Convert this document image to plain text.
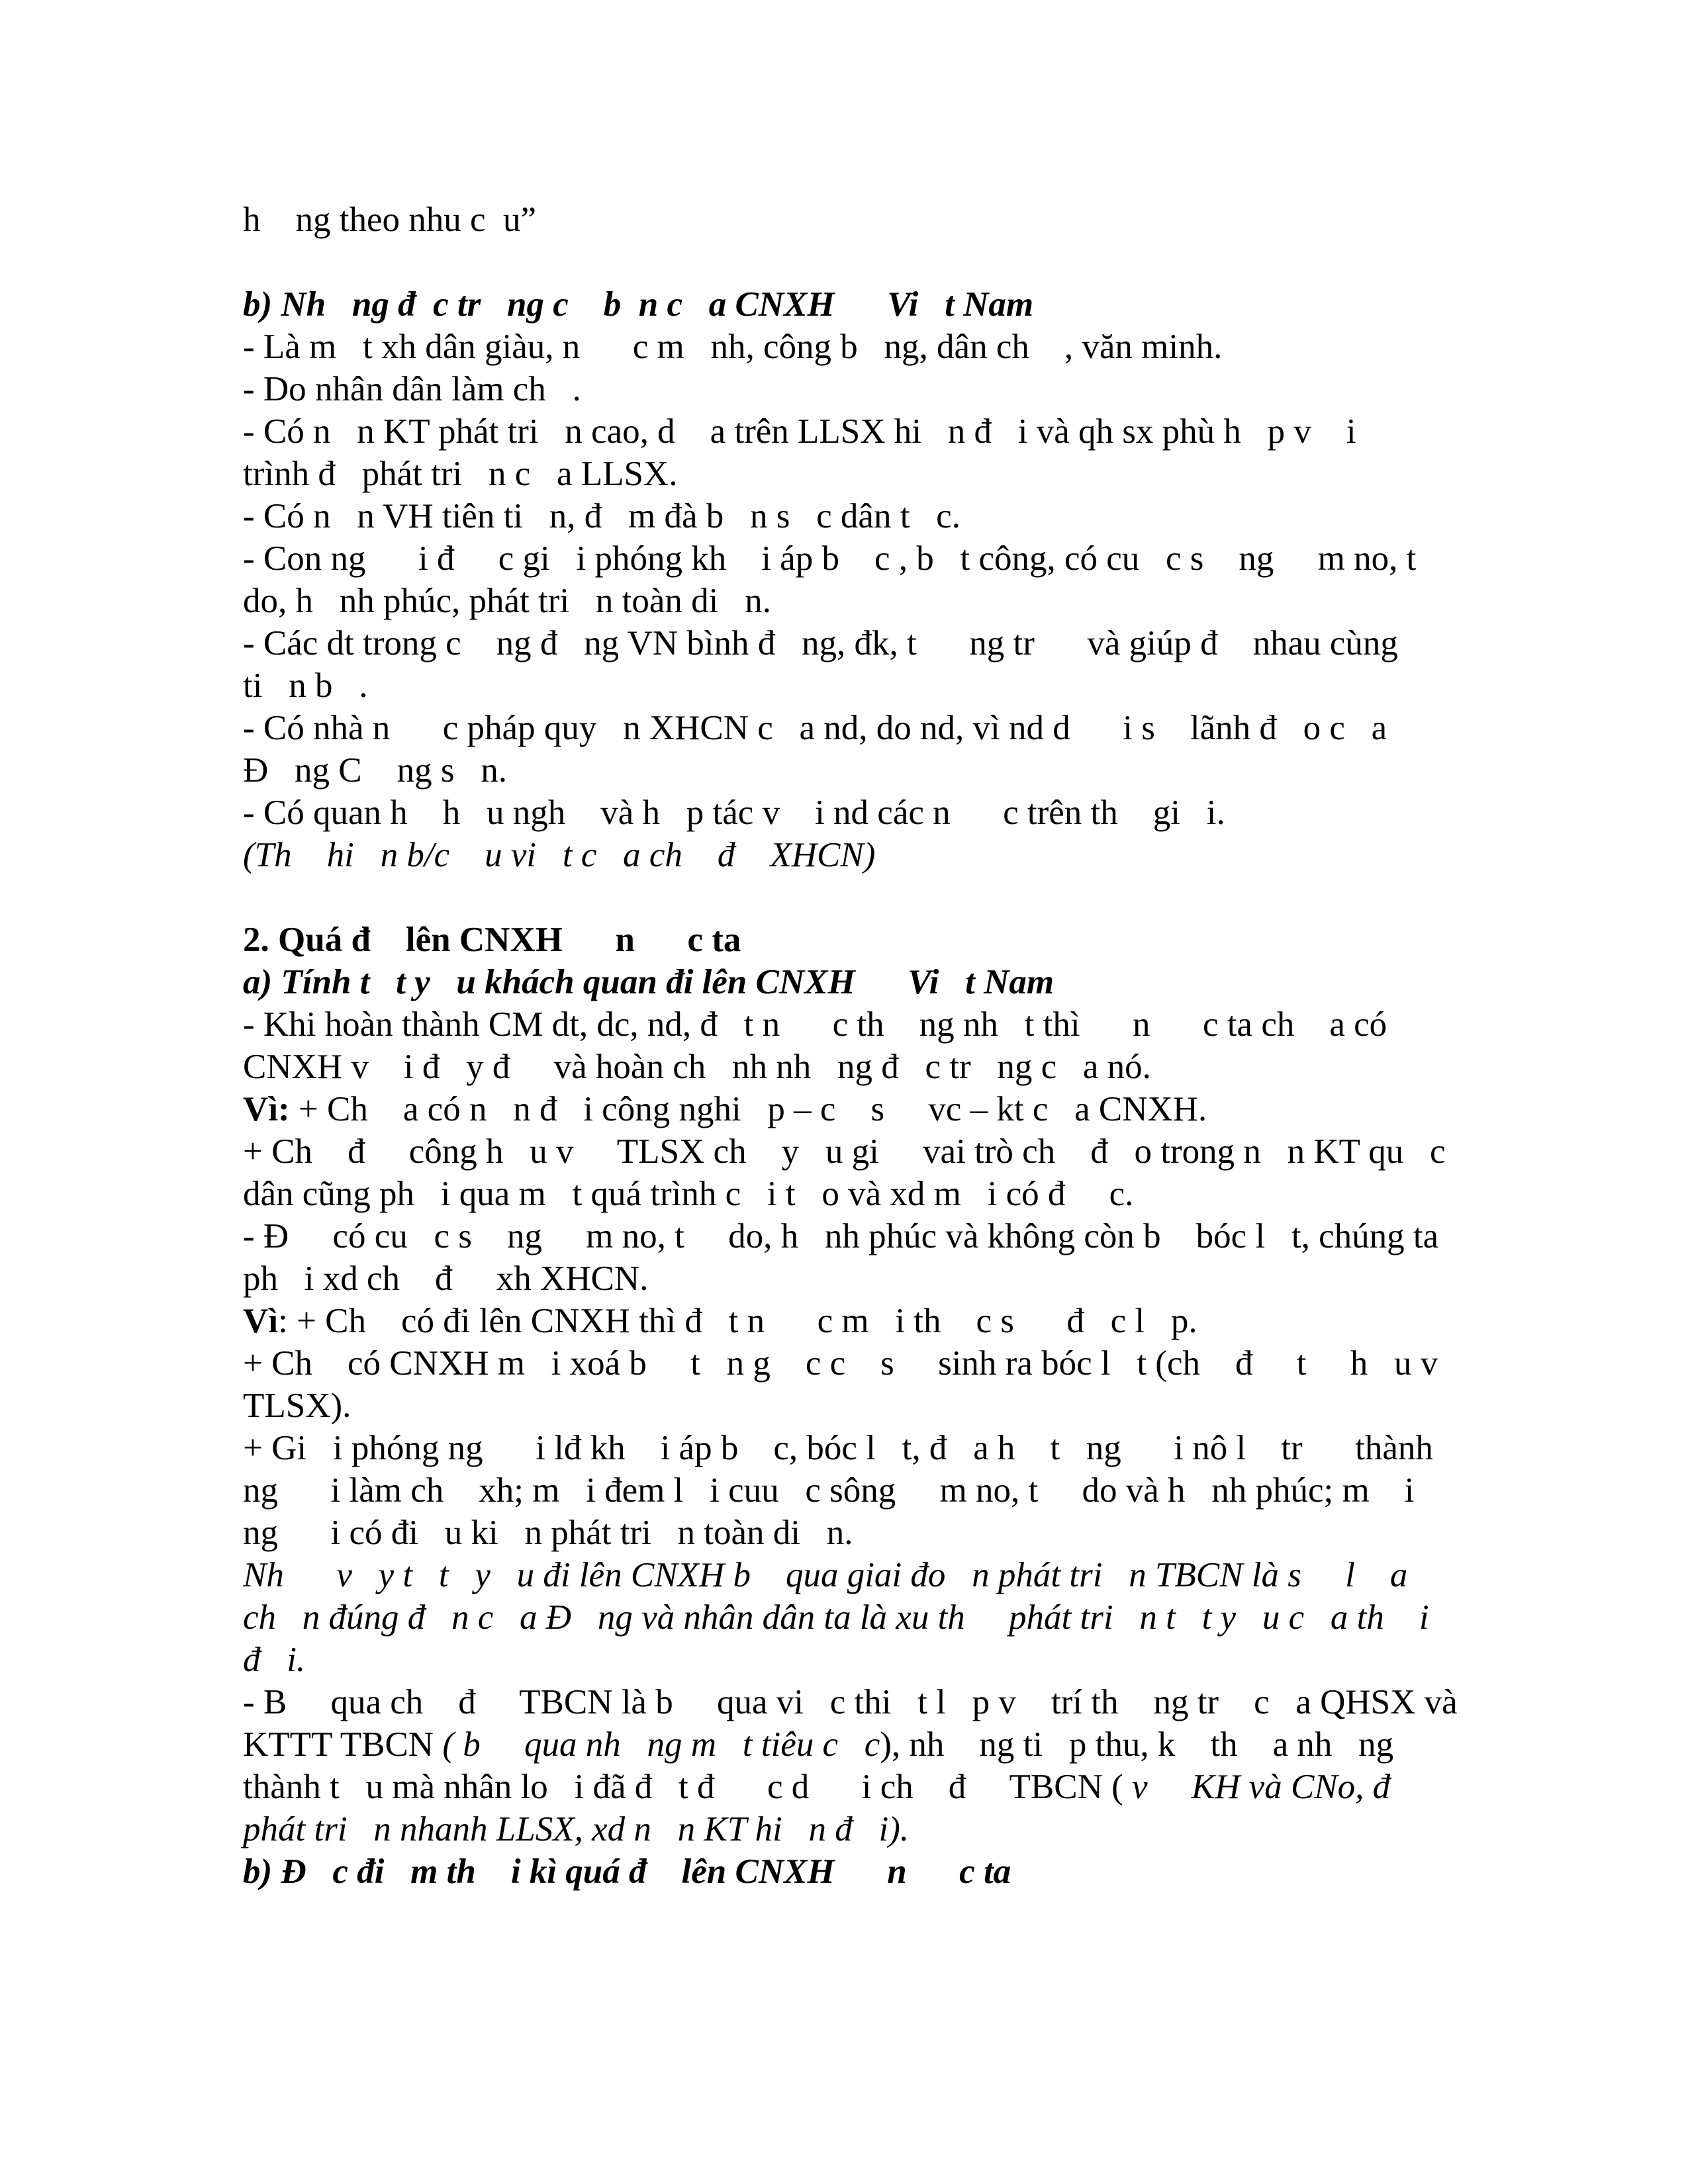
h    ng theo nhu c  u”
b) Nh   ng đ  c tr   ng c    b  n c   a CNXH      Vi   t Nam
- Là m   t xh dân giàu, n      c m   nh, công b   ng, dân ch    , văn minh.
- Do nhân dân làm ch   .
- Có n   n KT phát tri   n cao, d    a trên LLSX hi   n đ   i và qh sx phù h   p v    i
trình đ   phát tri   n c   a LLSX.
- Có n   n VH tiên ti   n, đ   m đà b   n s   c dân t   c.
- Con ng      i đ     c gi   i phóng kh    i áp b    c , b   t công, có cu   c s    ng     m no, t
do, h   nh phúc, phát tri   n toàn di   n.
- Các dt trong c    ng đ   ng VN bình đ   ng, đk, t      ng tr      và giúp đ    nhau cùng
ti   n b   .
- Có nhà n      c pháp quy   n XHCN c   a nd, do nd, vì nd d      i s    lãnh đ   o c   a
Đ   ng C    ng s   n.
- Có quan h    h   u ngh    và h   p tác v    i nd các n      c trên th    gi   i.
(Th    hi   n b/c    u vi   t c   a ch    đ    XHCN)
2. Quá đ    lên CNXH      n      c ta
a) Tính t   t y   u khách quan đi lên CNXH      Vi   t Nam
- Khi hoàn thành CM dt, dc, nd, đ   t n      c th    ng nh   t thì      n      c ta ch    a có
CNXH v    i đ   y đ     và hoàn ch   nh nh   ng đ   c tr   ng c   a nó.
Vì: + Ch    a có n   n đ   i công nghi   p – c    s     vc – kt c   a CNXH.
+ Ch    đ     công h   u v     TLSX ch    y   u gi     vai trò ch    đ   o trong n   n KT qu   c
dân cũng ph   i qua m   t quá trình c   i t   o và xd m   i có đ     c.
- Đ     có cu   c s    ng     m no, t     do, h   nh phúc và không còn b    bóc l   t, chúng ta
ph   i xd ch    đ     xh XHCN.
Vì: + Ch    có đi lên CNXH thì đ   t n      c m   i th    c s      đ   c l   p.
+ Ch    có CNXH m   i xoá b     t   n g    c c    s     sinh ra bóc l   t (ch    đ     t     h   u v
TLSX).
+ Gi   i phóng ng      i lđ kh    i áp b    c, bóc l   t, đ   a h    t   ng      i nô l    tr      thành
ng      i làm ch    xh; m   i đem l   i cuu   c sông     m no, t     do và h   nh phúc; m    i
ng      i có đi   u ki   n phát tri   n toàn di   n.
Nh      v   y t   t   y   u đi lên CNXH b    qua giai đo   n phát tri   n TBCN là s     l    a
ch   n đúng đ   n c   a Đ   ng và nhân dân ta là xu th     phát tri   n t   t y   u c   a th    i
đ   i.
- B     qua ch    đ     TBCN là b     qua vi   c thi   t l   p v    trí th    ng tr    c   a QHSX và
KTTT TBCN ( b     qua nh   ng m   t tiêu c   c), nh    ng ti   p thu, k    th    a nh   ng
thành t   u mà nhân lo   i đã đ   t đ      c d      i ch    đ     TBCN ( v     KH và CNo, đ
phát tri   n nhanh LLSX, xd n   n KT hi   n đ   i).
b) Đ   c đi   m th    i kì quá đ    lên CNXH      n      c ta
